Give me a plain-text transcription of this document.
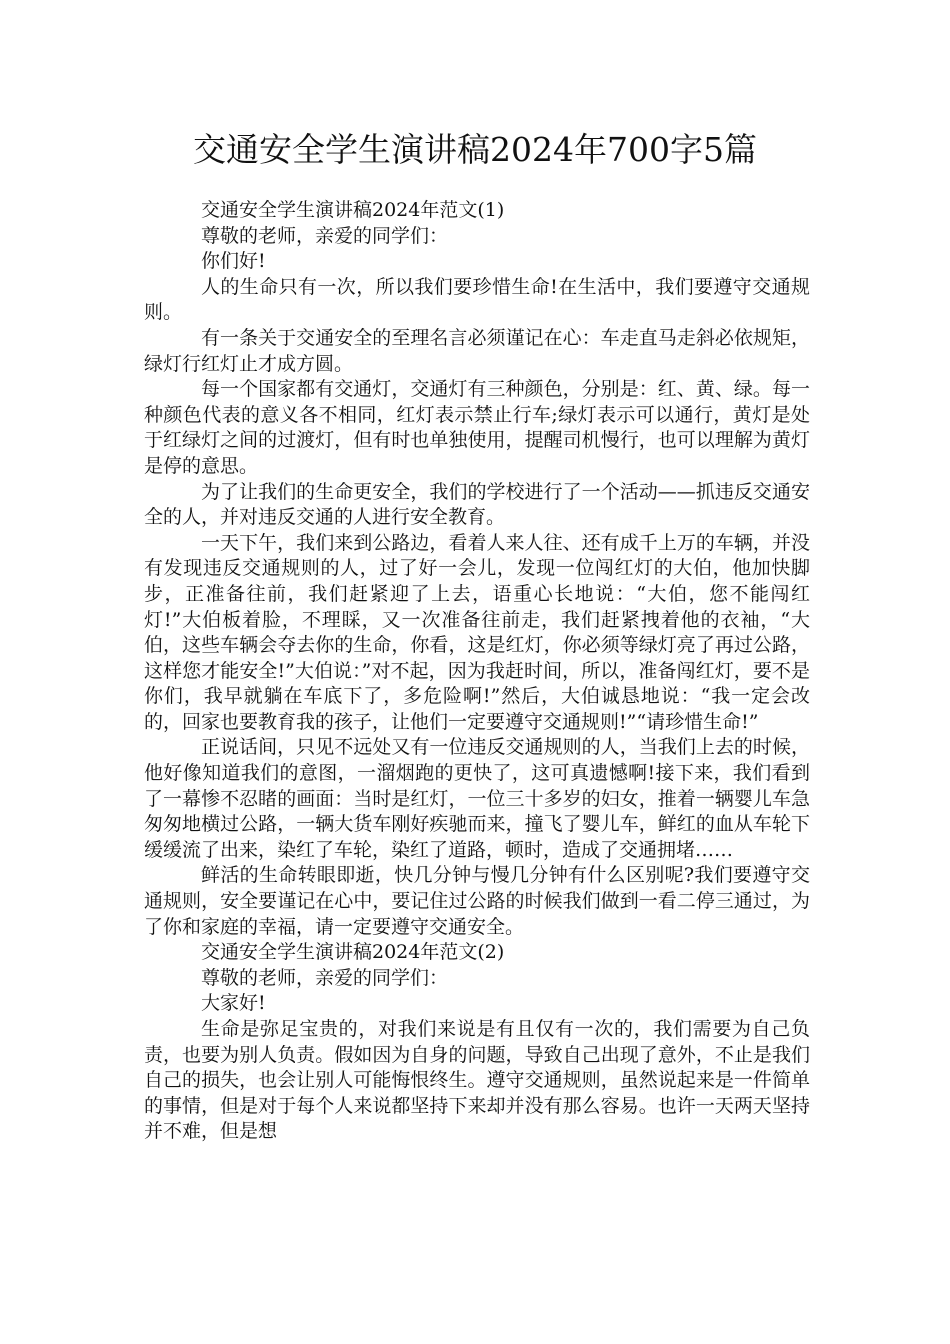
交通安全学生演讲稿2024年700字5篇

交通安全学生演讲稿2024年范文(1)

尊敬的老师，亲爱的同学们：

你们好!

人的生命只有一次，所以我们要珍惜生命!在生活中，我们要遵守交通规则。

有一条关于交通安全的至理名言必须谨记在心：车走直马走斜必依规矩，绿灯行红灯止才成方圆。

每一个国家都有交通灯，交通灯有三种颜色，分别是：红、黄、绿。每一种颜色代表的意义各不相同，红灯表示禁止行车;绿灯表示可以通行，黄灯是处于红绿灯之间的过渡灯，但有时也单独使用，提醒司机慢行，也可以理解为黄灯是停的意思。

为了让我们的生命更安全，我们的学校进行了一个活动——抓违反交通安全的人，并对违反交通的人进行安全教育。

一天下午，我们来到公路边，看着人来人往、还有成千上万的车辆，并没有发现违反交通规则的人，过了好一会儿，发现一位闯红灯的大伯，他加快脚步，正准备往前，我们赶紧迎了上去，语重心长地说：“大伯，您不能闯红灯!”大伯板着脸，不理睬，又一次准备往前走，我们赶紧拽着他的衣袖，“大伯，这些车辆会夺去你的生命，你看，这是红灯，你必须等绿灯亮了再过公路，这样您才能安全!”大伯说：”对不起，因为我赶时间，所以，准备闯红灯，要不是你们，我早就躺在车底下了，多危险啊!”然后，大伯诚恳地说：“我一定会改的，回家也要教育我的孩子，让他们一定要遵守交通规则!”“请珍惜生命!”

正说话间，只见不远处又有一位违反交通规则的人，当我们上去的时候，他好像知道我们的意图，一溜烟跑的更快了，这可真遗憾啊!接下来，我们看到了一幕惨不忍睹的画面：当时是红灯，一位三十多岁的妇女，推着一辆婴儿车急匆匆地横过公路，一辆大货车刚好疾驰而来，撞飞了婴儿车，鲜红的血从车轮下缓缓流了出来，染红了车轮，染红了道路，顿时，造成了交通拥堵……

鲜活的生命转眼即逝，快几分钟与慢几分钟有什么区别呢?我们要遵守交通规则，安全要谨记在心中，要记住过公路的时候我们做到一看二停三通过，为了你和家庭的幸福，请一定要遵守交通安全。

交通安全学生演讲稿2024年范文(2)

尊敬的老师，亲爱的同学们：

大家好!

生命是弥足宝贵的，对我们来说是有且仅有一次的，我们需要为自己负责，也要为别人负责。假如因为自身的问题，导致自己出现了意外，不止是我们自己的损失，也会让别人可能悔恨终生。遵守交通规则，虽然说起来是一件简单的事情，但是对于每个人来说都坚持下来却并没有那么容易。也许一天两天坚持并不难，但是想
